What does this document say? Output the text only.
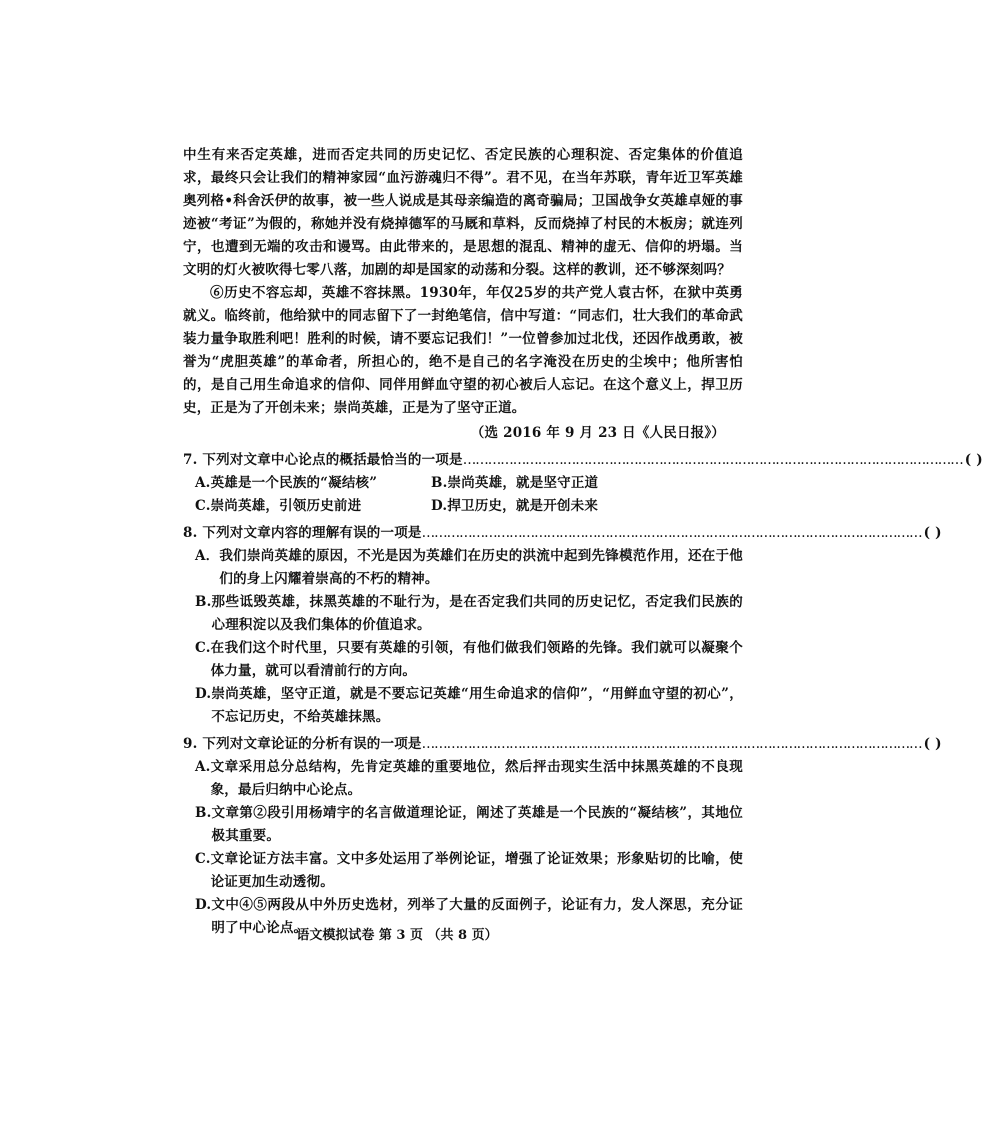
中生有来否定英雄，进而否定共同的历史记忆、否定民族的心理积淀、否定集体的价值追求，最终只会让我们的精神家园“血污游魂归不得”。君不见，在当年苏联，青年近卫军英雄奥列格•科舍沃伊的故事，被一些人说成是其母亲编造的离奇骗局；卫国战争女英雄卓娅的事迹被“考证”为假的，称她并没有烧掉德军的马厩和草料，反而烧掉了村民的木板房；就连列宁，也遭到无端的攻击和谩骂。由此带来的，是思想的混乱、精神的虚无、信仰的坍塌。当文明的灯火被吹得七零八落，加剧的却是国家的动荡和分裂。这样的教训，还不够深刻吗？

⑥历史不容忘却，英雄不容抹黑。1930年，年仅25岁的共产党人袁古怀，在狱中英勇就义。临终前，他给狱中的同志留下了一封绝笔信，信中写道：“同志们，壮大我们的革命武装力量争取胜利吧！胜利的时候，请不要忘记我们！”一位曾参加过北伐，还因作战勇敢，被誉为“虎胆英雄”的革命者，所担心的，绝不是自己的名字淹没在历史的尘埃中；他所害怕的，是自己用生命追求的信仰、同伴用鲜血守望的初心被后人忘记。在这个意义上，捍卫历史，正是为了开创未来；崇尚英雄，正是为了坚守正道。

（选 2016 年 9 月 23 日《人民日报》）
7. 下列对文章中心论点的概括最恰当的一项是 ………………………………………………………………………………………………………… ( )
A.英雄是一个民族的“凝结核”	B.崇尚英雄，就是坚守正道
C.崇尚英雄，引领历史前进	D.捍卫历史，就是开创未来
8. 下列对文章内容的理解有误的一项是 ………………………………………………………………………………………………………… ( )
A． 我们崇尚英雄的原因，不光是因为英雄们在历史的洪流中起到先锋模范作用，还在于他们的身上闪耀着崇高的不朽的精神。
B. 那些诋毁英雄，抹黑英雄的不耻行为，是在否定我们共同的历史记忆，否定我们民族的心理积淀以及我们集体的价值追求。
C. 在我们这个时代里，只要有英雄的引领，有他们做我们领路的先锋。我们就可以凝聚个体力量，就可以看清前行的方向。
D. 崇尚英雄，坚守正道，就是不要忘记英雄“用生命追求的信仰”，“用鲜血守望的初心”，不忘记历史，不给英雄抹黑。
9. 下列对文章论证的分析有误的一项是 ………………………………………………………………………………………………………… ( )
A. 文章采用总分总结构，先肯定英雄的重要地位，然后抨击现实生活中抹黑英雄的不良现象，最后归纳中心论点。
B. 文章第②段引用杨靖宇的名言做道理论证，阐述了英雄是一个民族的“凝结核”，其地位极其重要。
C. 文章论证方法丰富。文中多处运用了举例论证，增强了论证效果；形象贴切的比喻，使论证更加生动透彻。
D. 文中④⑤两段从中外历史选材，列举了大量的反面例子，论证有力，发人深思，充分证明了中心论点。
语文模拟试卷 第 3 页 （共 8 页）
